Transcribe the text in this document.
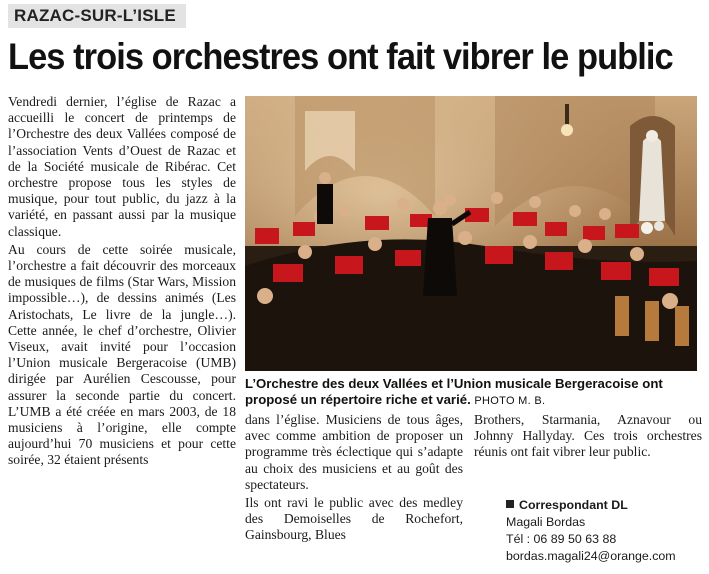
RAZAC-SUR-L’ISLE
Les trois orchestres ont fait vibrer le public

Vendredi dernier, l’église de Razac a accueilli le concert de printemps de l’Orchestre des deux Vallées composé de l’association Vents d’Ouest de Razac et de la Société musicale de Ribérac. Cet orchestre propose tous les styles de musique, pour tout public, du jazz à la variété, en passant aussi par la musique classique.

Au cours de cette soirée musicale, l’orchestre a fait découvrir des morceaux de musiques de films (Star Wars, Mission impossible…), de dessins animés (Les Aristochats, Le livre de la jungle…). Cette année, le chef d’orchestre, Olivier Viseux, avait invité pour l’occasion l’Union musicale Bergeracoise (UMB) dirigée par Aurélien Cescousse, pour assurer la seconde partie du concert. L’UMB a été créée en mars 2003, de 18 musiciens à l’origine, elle compte aujourd’hui 70 musiciens et pour cette soirée, 32 étaient présents

L’Orchestre des deux Vallées et l’Union musicale Bergeracoise ont proposé un répertoire riche et varié. PHOTO M. B.

dans l’église. Musiciens de tous âges, avec comme ambition de proposer un programme très éclectique qui s’adapte au choix des musiciens et au goût des spectateurs.

Ils ont ravi le public avec des medley des Demoiselles de Rochefort, Gainsbourg, Blues

Brothers, Starmania, Aznavour ou Johnny Hallyday. Ces trois orchestres réunis ont fait vibrer leur public.

Correspondant DL
Magali Bordas
Tél : 06 89 50 63 88
bordas.magali24@orange.com
